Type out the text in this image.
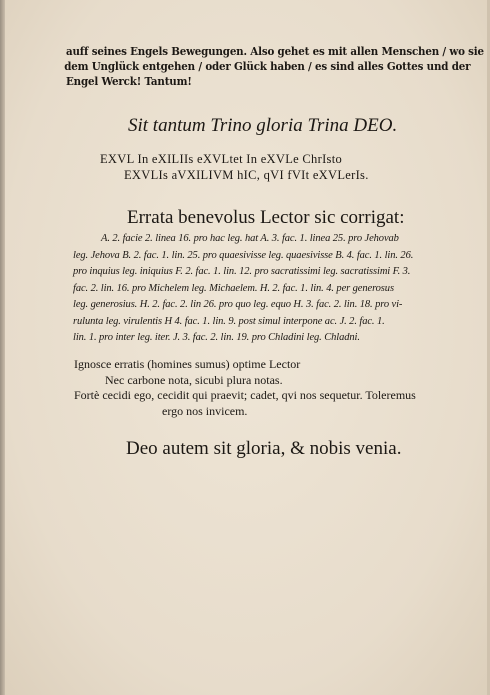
auff seines Engels Bewegungen. Also gehet es mit allen Menschen / wo sie
dem Unglück entgehen / oder Glück haben / es sind alles Gottes und der
Engel Werck! Tantum!
Sit tantum Trino gloria Trina DEO.
EXVL In eXILIIs eXVLtet In eXVLe ChrIsto
EXVLIs aVXILIVM hIC, qVI fVIt eXVLerIs.
Errata benevolus Lector sic corrigat:
A. 2. facie 2. linea 16. pro hac leg. hat A. 3. fac. 1. linea 25. pro Jehovab
leg. Jehova B. 2. fac. 1. lin. 25. pro quaesivisse leg. quaesivisse B. 4. fac. 1. lin. 26.
pro inquius leg. iniquius F. 2. fac. 1. lin. 12. pro sacratissimi leg. sacratissimi F. 3.
fac. 2. lin. 16. pro Michelem leg. Michaelem. H. 2. fac. 1. lin. 4. per generosus
leg. generosius. H. 2. fac. 2. lin 26. pro quo leg. equo H. 3. fac. 2. lin. 18. pro vi-
rulunta leg. virulentis H 4. fac. 1. lin. 9. post simul interpone ac. J. 2. fac. 1.
lin. 1. pro inter leg. iter. J. 3. fac. 2. lin. 19. pro Chladini leg. Chladni.
Ignosce erratis (homines sumus) optime Lector
Nec carbone nota, sicubi plura notas.
Fortè cecidi ego, cecidit qui praevit; cadet, qvi nos sequetur. Toleremus
ergo nos invicem.
Deo autem sit gloria, & nobis venia.
